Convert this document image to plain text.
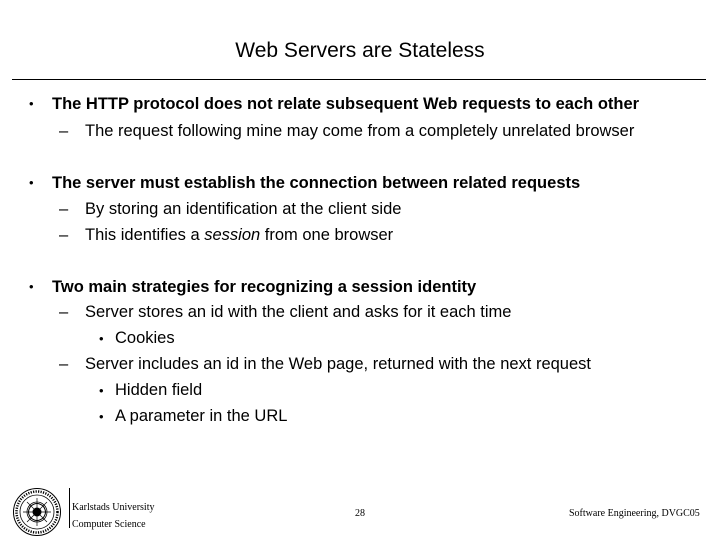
Web Servers are Stateless
• The HTTP protocol does not relate subsequent Web requests to each other
– The request following mine may come from a completely unrelated browser
• The server must establish the connection between related requests
– By storing an identification at the client side
– This identifies a session from one browser
• Two main strategies for recognizing a session identity
– Server stores an id with the client and asks for it each time
• Cookies
– Server includes an id in the Web page, returned with the next request
• Hidden field
• A parameter in the URL
Karlstads University
Computer Science
28	Software Engineering, DVGC05
